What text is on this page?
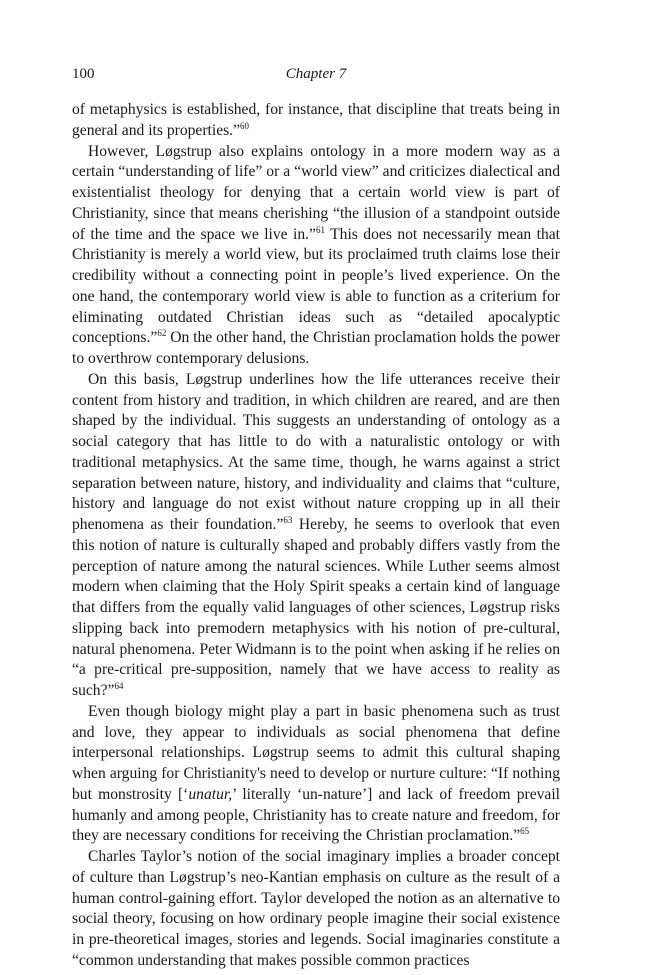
100	Chapter 7

of metaphysics is established, for instance, that discipline that treats being in general and its properties.”$^{60}$

However, Løgstrup also explains ontology in a more modern way as a certain “understanding of life” or a “world view” and criticizes dialectical and existentialist theology for denying that a certain world view is part of Christianity, since that means cherishing “the illusion of a standpoint outside of the time and the space we live in.”$^{61}$ This does not necessarily mean that Christianity is merely a world view, but its proclaimed truth claims lose their credibility without a connecting point in people’s lived experience. On the one hand, the contemporary world view is able to function as a criterium for eliminating outdated Christian ideas such as “detailed apocalyptic conceptions.”$^{62}$ On the other hand, the Christian proclamation holds the power to overthrow contemporary delusions.

On this basis, Løgstrup underlines how the life utterances receive their content from history and tradition, in which children are reared, and are then shaped by the individual. This suggests an understanding of ontology as a social category that has little to do with a naturalistic ontology or with traditional metaphysics. At the same time, though, he warns against a strict separation between nature, history, and individuality and claims that “culture, history and language do not exist without nature cropping up in all their phenomena as their foundation.”$^{63}$ Hereby, he seems to overlook that even this notion of nature is culturally shaped and probably differs vastly from the perception of nature among the natural sciences. While Luther seems almost modern when claiming that the Holy Spirit speaks a certain kind of language that differs from the equally valid languages of other sciences, Løgstrup risks slipping back into premodern metaphysics with his notion of pre-cultural, natural phenomena. Peter Widmann is to the point when asking if he relies on “a pre-critical pre-supposition, namely that we have access to reality as such?”$^{64}$

Even though biology might play a part in basic phenomena such as trust and love, they appear to individuals as social phenomena that define interpersonal relationships. Løgstrup seems to admit this cultural shaping when arguing for Christianity's need to develop or nurture culture: “If nothing but monstrosity [‘unatur,’ literally ‘un-nature’] and lack of freedom prevail humanly and among people, Christianity has to create nature and freedom, for they are necessary conditions for receiving the Christian proclamation.”$^{65}$

Charles Taylor’s notion of the social imaginary implies a broader concept of culture than Løgstrup’s neo-Kantian emphasis on culture as the result of a human control-gaining effort. Taylor developed the notion as an alternative to social theory, focusing on how ordinary people imagine their social existence in pre-theoretical images, stories and legends. Social imaginaries constitute a “common understanding that makes possible common practices
